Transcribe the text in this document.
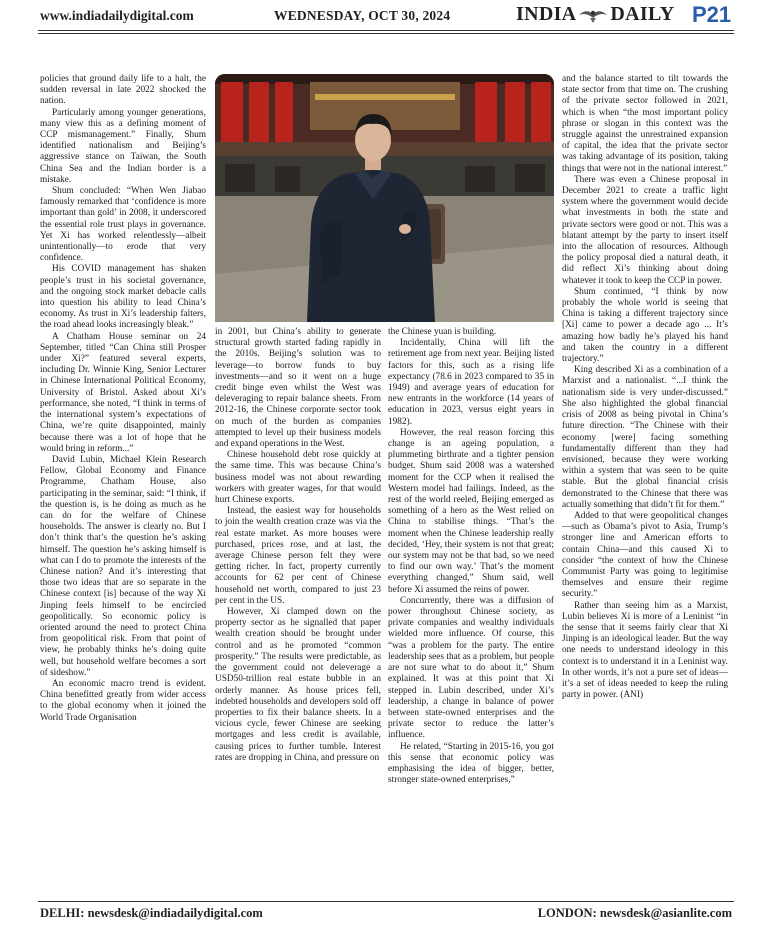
www.indiadailydigital.com	WEDNESDAY, OCT 30, 2024	INDIA DAILY P21

policies that ground daily life to a halt, the sudden reversal in late 2022 shocked the nation.

Particularly among younger generations, many view this as a defining moment of CCP mismanagement.” Finally, Shum identified nationalism and Beijing’s aggressive stance on Taiwan, the South China Sea and the Indian border is a mistake.

Shum concluded: “When Wen Jiabao famously remarked that ‘confidence is more important than gold’ in 2008, it underscored the essential role trust plays in governance. Yet Xi has worked relentlessly—albeit unintentionally—to erode that very confidence.

His COVID management has shaken people’s trust in his societal governance, and the ongoing stock market debacle calls into question his ability to lead China’s economy. As trust in Xi’s leadership falters, the road ahead looks increasingly bleak.”

A Chatham House seminar on 24 September, titled “Can China still Prosper under Xi?” featured several experts, including Dr. Winnie King, Senior Lecturer in Chinese International Political Economy, University of Bristol. Asked about Xi’s performance, she noted, “I think in terms of the international system’s expectations of China, we’re quite disappointed, mainly because there was a lot of hope that he would bring in reform...”

David Lubin, Michael Klein Research Fellow, Global Economy and Finance Programme, Chatham House, also participating in the seminar, said: “I think, if the question is, is he doing as much as he can do for the welfare of Chinese households. The answer is clearly no. But I don’t think that’s the question he’s asking himself. The question he’s asking himself is what can I do to promote the interests of the Chinese nation? And it’s interesting that those two ideas that are so separate in the Chinese context [is] because of the way Xi Jinping feels himself to be encircled geopolitically. So economic policy is oriented around the need to protect China from geopolitical risk. From that point of view, he probably thinks he’s doing quite well, but household welfare becomes a sort of sideshow.”

An economic macro trend is evident. China benefitted greatly from wider access to the global economy when it joined the World Trade Organisation

in 2001, but China’s ability to generate structural growth started fading rapidly in the 2010s. Beijing’s solution was to leverage—to borrow funds to buy investments—and so it went on a huge credit binge even whilst the West was deleveraging to repair balance sheets. From 2012-16, the Chinese corporate sector took on much of the burden as companies attempted to level up their business models and expand operations in the West.

Chinese household debt rose quickly at the same time. This was because China’s business model was not about rewarding workers with greater wages, for that would hurt Chinese exports.

Instead, the easiest way for households to join the wealth creation craze was via the real estate market. As more houses were purchased, prices rose, and at last, the average Chinese person felt they were getting richer. In fact, property currently accounts for 62 per cent of Chinese household net worth, compared to just 23 per cent in the US.

However, Xi clamped down on the property sector as he signalled that paper wealth creation should be brought under control and as he promoted “common prosperity.” The results were predictable, as the government could not deleverage a USD50-trillion real estate bubble in an orderly manner. As house prices fell, indebted households and developers sold off properties to fix their balance sheets. In a vicious cycle, fewer Chinese are seeking mortgages and less credit is available, causing prices to further tumble. Interest rates are dropping in China, and pressure on

the Chinese yuan is building.

Incidentally, China will lift the retirement age from next year. Beijing listed factors for this, such as a rising life expectancy (78.6 in 2023 compared to 35 in 1949) and average years of education for new entrants in the workforce (14 years of education in 2023, versus eight years in 1982).

However, the real reason forcing this change is an ageing population, a plummeting birthrate and a tighter pension budget. Shum said 2008 was a watershed moment for the CCP when it realised the Western model had failings. Indeed, as the rest of the world reeled, Beijing emerged as something of a hero as the West relied on China to stabilise things. “That’s the moment when the Chinese leadership really decided, ‘Hey, their system is not that great; our system may not be that bad, so we need to find our own way.’ That’s the moment everything changed,” Shum said, well before Xi assumed the reins of power.

Concurrently, there was a diffusion of power throughout Chinese society, as private companies and wealthy individuals wielded more influence. Of course, this “was a problem for the party. The entire leadership sees that as a problem, but people are not sure what to do about it,” Shum explained. It was at this point that Xi stepped in. Lubin described, under Xi’s leadership, a change in balance of power between state-owned enterprises and the private sector to reduce the latter’s influence.

He related, “Starting in 2015-16, you got this sense that economic policy was emphasising the idea of bigger, better, stronger state-owned enterprises,”

and the balance started to tilt towards the state sector from that time on. The crushing of the private sector followed in 2021, which is when “the most important policy phrase or slogan in this context was the struggle against the unrestrained expansion of capital, the idea that the private sector was taking advantage of its position, taking things that were not in the national interest.”

There was even a Chinese proposal in December 2021 to create a traffic light system where the government would decide what investments in both the state and private sectors were good or not. This was a blatant attempt by the party to insert itself into the allocation of resources. Although the policy proposal died a natural death, it did reflect Xi’s thinking about doing whatever it took to keep the CCP in power.

Shum continued, “I think by now probably the whole world is seeing that China is taking a different trajectory since [Xi] came to power a decade ago ... It’s amazing how badly he’s played his hand and taken the country in a different trajectory.”

King described Xi as a combination of a Marxist and a nationalist. “...I think the nationalism side is very under-discussed.” She also highlighted the global financial crisis of 2008 as being pivotal in China’s future direction. “The Chinese with their economy [were] facing something fundamentally different than they had envisioned, because they were working within a system that was seen to be quite stable. But the global financial crisis demonstrated to the Chinese that there was actually something that didn’t fit for them.”

Added to that were geopolitical changes—such as Obama’s pivot to Asia, Trump’s stronger line and American efforts to contain China—and this caused Xi to consider “the context of how the Chinese Communist Party was going to legitimise themselves and ensure their regime security.”

Rather than seeing him as a Marxist, Lubin believes Xi is more of a Leninist “in the sense that it seems fairly clear that Xi Jinping is an ideological leader. But the way one needs to understand ideology in this context is to understand it in a Leninist way. In other words, it’s not a pure set of ideas—it’s a set of ideas needed to keep the ruling party in power. (ANI)

DELHI: newsdesk@indiadailydigital.com	LONDON: newsdesk@asianlite.com
